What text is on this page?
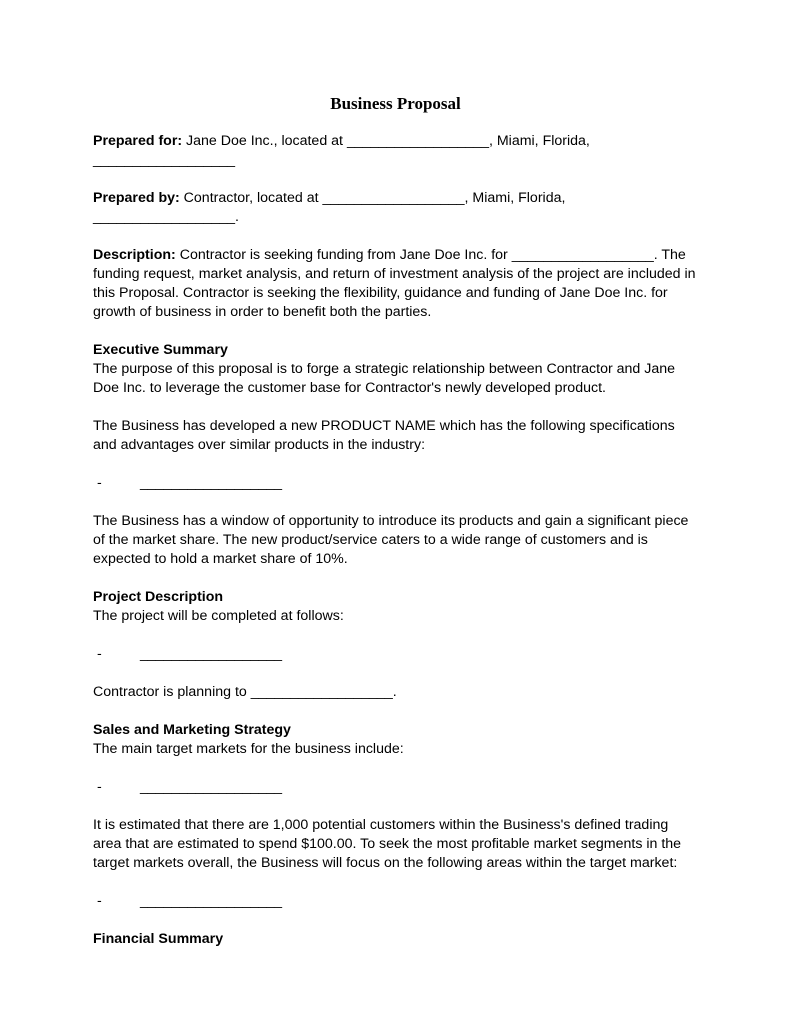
Business Proposal

Prepared for: Jane Doe Inc., located at __________________, Miami, Florida,
__________________

Prepared by: Contractor, located at __________________, Miami, Florida, __________________.

Description: Contractor is seeking funding from Jane Doe Inc. for __________________. The funding request, market analysis, and return of investment analysis of the project are included in this Proposal. Contractor is seeking the flexibility, guidance and funding of Jane Doe Inc. for growth of business in order to benefit both the parties.

Executive Summary

The purpose of this proposal is to forge a strategic relationship between Contractor and Jane Doe Inc. to leverage the customer base for Contractor's newly developed product.

The Business has developed a new PRODUCT NAME which has the following specifications and advantages over similar products in the industry:

-	__________________

The Business has a window of opportunity to introduce its products and gain a significant piece of the market share. The new product/service caters to a wide range of customers and is expected to hold a market share of 10%.

Project Description

The project will be completed at follows:

-	__________________

Contractor is planning to __________________.

Sales and Marketing Strategy

The main target markets for the business include:

-	__________________

It is estimated that there are 1,000 potential customers within the Business's defined trading area that are estimated to spend $100.00. To seek the most profitable market segments in the target markets overall, the Business will focus on the following areas within the target market:

-	__________________

Financial Summary
